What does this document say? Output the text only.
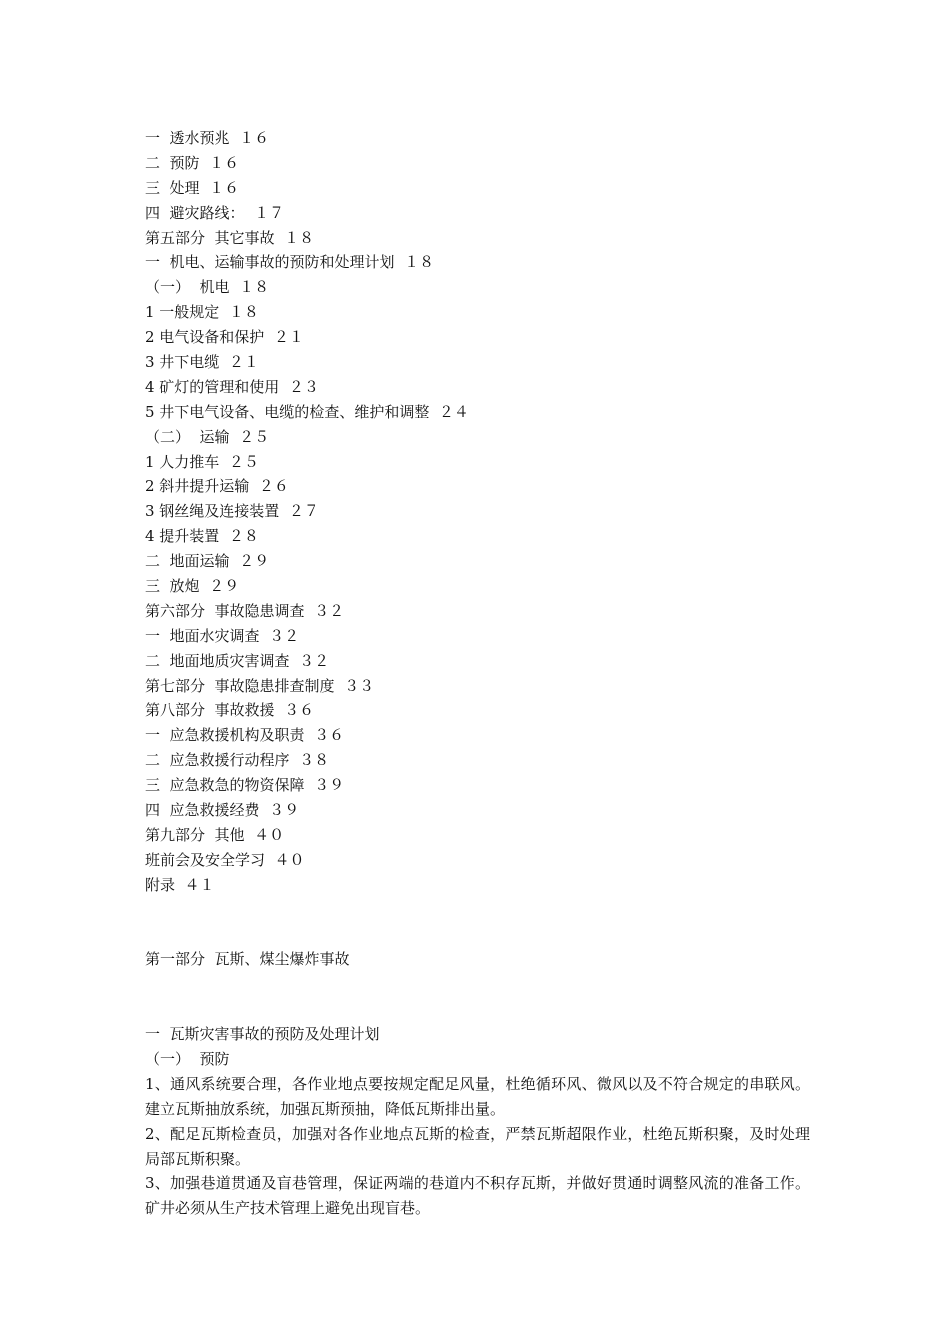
一  透水预兆  １６
二  预防  １６
三  处理  １６
四  避灾路线：  １７
第五部分  其它事故  １８
一  机电、运输事故的预防和处理计划  １８
（一）  机电  １８
1 一般规定  １８
2 电气设备和保护  ２１
3 井下电缆  ２１
4 矿灯的管理和使用  ２３
5 井下电气设备、电缆的检查、维护和调整  ２４
（二）  运输  ２５
1 人力推车  ２５
2 斜井提升运输  ２６
3 钢丝绳及连接装置  ２７
4 提升装置  ２８
二  地面运输  ２９
三  放炮  ２９
第六部分  事故隐患调查  ３２
一  地面水灾调查  ３２
二  地面地质灾害调查  ３２
第七部分  事故隐患排查制度  ３３
第八部分  事故救援  ３６
一  应急救援机构及职责  ３６
二  应急救援行动程序  ３８
三  应急救急的物资保障  ３９
四  应急救援经费  ３９
第九部分  其他  ４０
班前会及安全学习  ４０
附录  ４１
第一部分  瓦斯、煤尘爆炸事故
一  瓦斯灾害事故的预防及处理计划
（一）  预防
1、通风系统要合理，各作业地点要按规定配足风量，杜绝循环风、微风以及不符合规定的串联风。建立瓦斯抽放系统，加强瓦斯预抽，降低瓦斯排出量。
2、配足瓦斯检查员，加强对各作业地点瓦斯的检查，严禁瓦斯超限作业，杜绝瓦斯积聚，及时处理局部瓦斯积聚。
3、加强巷道贯通及盲巷管理，保证两端的巷道内不积存瓦斯，并做好贯通时调整风流的准备工作。矿井必须从生产技术管理上避免出现盲巷。
